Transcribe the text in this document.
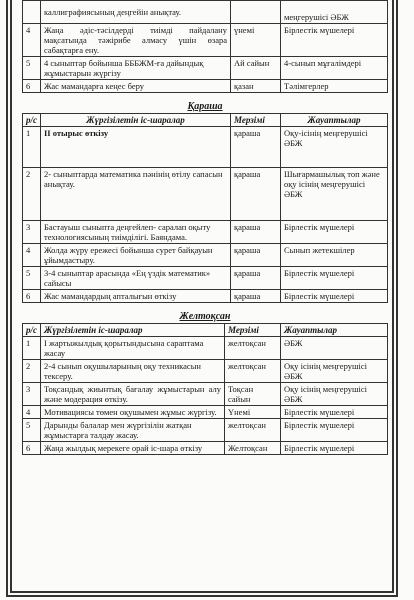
	каллиграфиясының деңгейін анықтау.		меңгерушісі ӘБЖ
4	Жаңа әдіс-тәсілдерді тиімді пайдалану мақсатында тәжірибе алмасу үшін өзара сабақтарға ену.	үнемі	Бірлестік мүшелері
5	4 сыныптар бойынша БББЖМ-ға дайындық жұмыстарын жүргізу	Ай сайын	4-сынып мұғалімдері
6	Жас мамандарға кеңес беру	қазан	Тәлімгерлер

Қараша

р/с	Жүргізілетін іс-шаралар	Мерзімі	Жауаптылар
1	II отырыс өткізу	қараша	Оқу-ісінің меңгерушісі ӘБЖ
2	2- сыныптарда математика пәнінің өтілу сапасын анықтау.	қараша	Шығармашылық топ және оқу ісінің меңгерушісі ӘБЖ
3	Бастауыш сыныпта деңгейлеп- саралап оқыту технологиясының тиімділігі. Баяндама.	қараша	Бірлестік мүшелері
4	Жолда жүру ережесі бойынша сурет байқауын ұйымдастыру.	қараша	Сынып жетекшілер
5	3-4 сыныптар арасында «Ең үздік математик» сайысы	қараша	Бірлестік мүшелері
6	Жас мамандардың апталығын өткізу	қараша	Бірлестік мүшелері

Желтоқсан

р/с	Жүргізілетін іс-шаралар	Мерзімі	Жауаптылар
1	I жартыжылдық қорытындысына сараптама жасау	желтоқсан	ӘБЖ
2	2-4 сынып оқушыларының оқу техникасын тексеру.	желтоқсан	Оқу ісінің меңгерушісі ӘБЖ
3	Тоқсандық жиынтық бағалау жұмыстарын алу және модерация өткізу.	Тоқсан сайын	Оқу ісінің меңгерушісі ӘБЖ
4	Мотивациясы төмен оқушымен жұмыс жүргізу.	Үнемі	Бірлестік мүшелері
5	Дарынды балалар мен жүргізілін жатқан жұмыстарға талдау жасау.	желтоқсан	Бірлестік мүшелері
6	Жаңа жылдық мерекеге орай іс-шара өткізу	Желтоқсан	Бірлестік мүшелері
